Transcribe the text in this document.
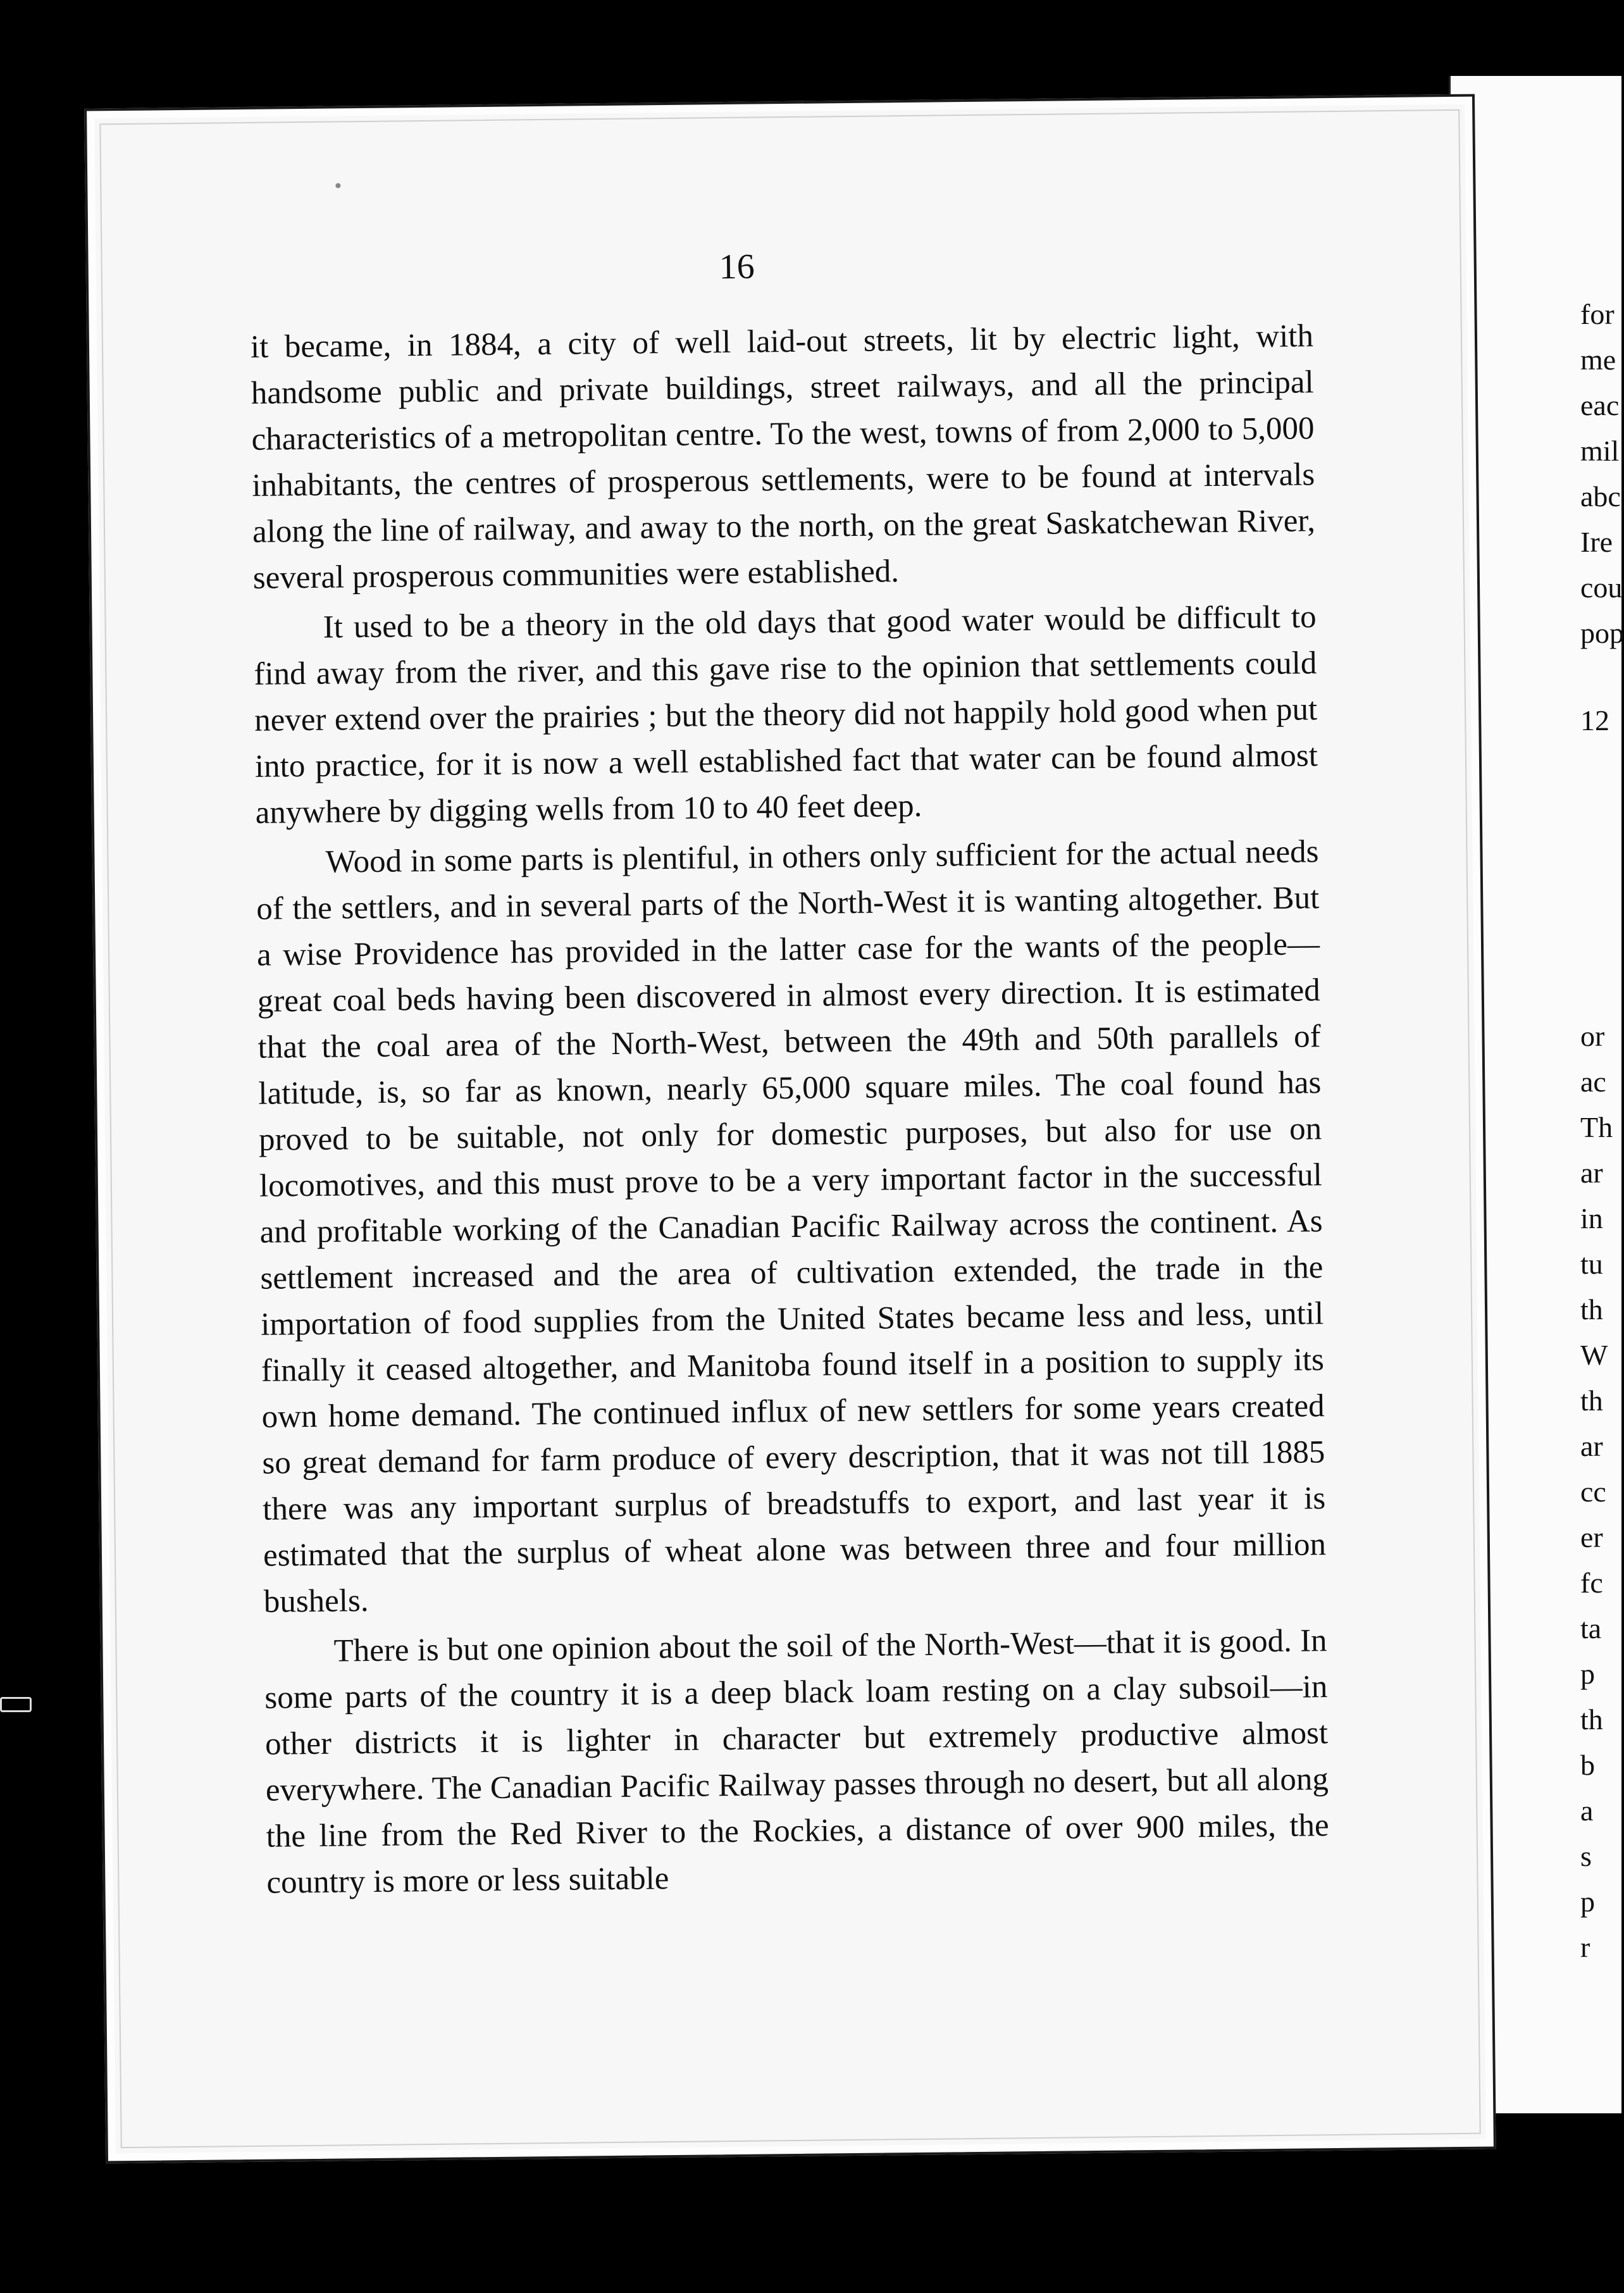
for
me
eac
mil
abc
Ire
cou
pop
12
or
ac
Th
ar
in
tu
th
W
th
ar
cc
er
fc
ta
p
th
b
a
s
p
r
16

it became, in 1884, a city of well laid-out streets, lit by electric light, with handsome public and private buildings, street railways, and all the principal characteristics of a metropolitan centre. To the west, towns of from 2,000 to 5,000 inhabitants, the centres of prosperous settlements, were to be found at intervals along the line of railway, and away to the north, on the great Saskatchewan River, several prosperous communities were established.

It used to be a theory in the old days that good water would be difficult to find away from the river, and this gave rise to the opinion that settlements could never extend over the prairies ; but the theory did not happily hold good when put into practice, for it is now a well established fact that water can be found almost anywhere by digging wells from 10 to 40 feet deep.

Wood in some parts is plentiful, in others only sufficient for the actual needs of the settlers, and in several parts of the North-West it is wanting altogether. But a wise Providence has provided in the latter case for the wants of the people—great coal beds having been discovered in almost every direction. It is estimated that the coal area of the North-West, between the 49th and 50th parallels of latitude, is, so far as known, nearly 65,000 square miles. The coal found has proved to be suitable, not only for domestic purposes, but also for use on locomotives, and this must prove to be a very important factor in the successful and profitable working of the Canadian Pacific Railway across the continent. As settlement increased and the area of cultivation extended, the trade in the importation of food supplies from the United States became less and less, until finally it ceased altogether, and Manitoba found itself in a position to supply its own home demand. The continued influx of new settlers for some years created so great demand for farm produce of every description, that it was not till 1885 there was any important surplus of breadstuffs to export, and last year it is estimated that the surplus of wheat alone was between three and four million bushels.

There is but one opinion about the soil of the North-West—that it is good. In some parts of the country it is a deep black loam resting on a clay subsoil—in other districts it is lighter in character but extremely productive almost everywhere. The Canadian Pacific Railway passes through no desert, but all along the line from the Red River to the Rockies, a distance of over 900 miles, the country is more or less suitable
